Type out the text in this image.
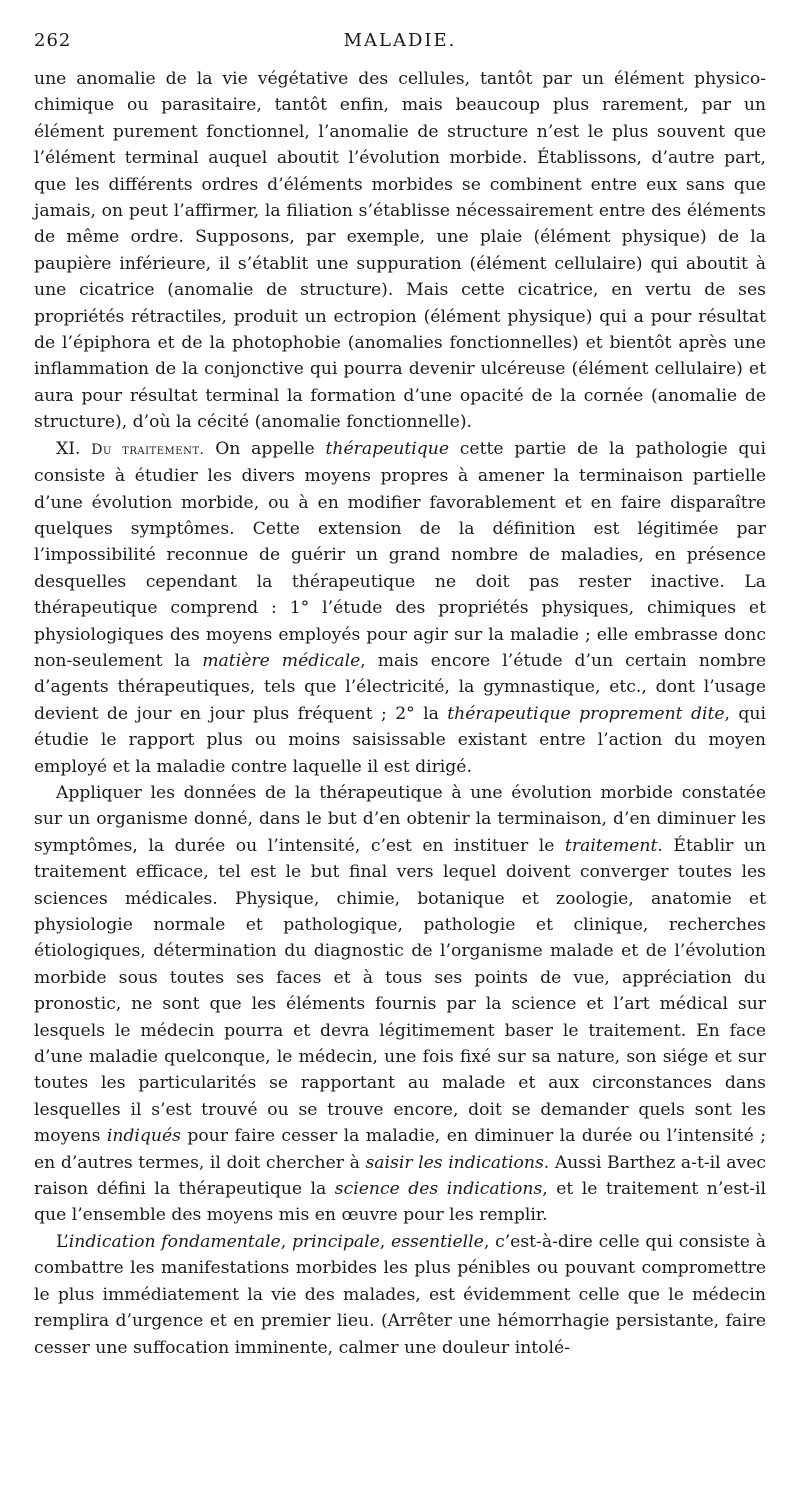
262	MALADIE.

une anomalie de la vie végétative des cellules, tantôt par un élément physico-chimique ou parasitaire, tantôt enfin, mais beaucoup plus rarement, par un élément purement fonctionnel, l’anomalie de structure n’est le plus souvent que l’élément terminal auquel aboutit l’évolution morbide. Établissons, d’autre part, que les différents ordres d’éléments morbides se combinent entre eux sans que jamais, on peut l’affirmer, la filiation s’établisse nécessairement entre des éléments de même ordre. Supposons, par exemple, une plaie (élément physique) de la paupière inférieure, il s’établit une suppuration (élément cellulaire) qui aboutit à une cicatrice (anomalie de structure). Mais cette cicatrice, en vertu de ses propriétés rétractiles, produit un ectropion (élément physique) qui a pour résultat de l’épiphora et de la photophobie (anomalies fonctionnelles) et bientôt après une inflammation de la conjonctive qui pourra devenir ulcéreuse (élément cellulaire) et aura pour résultat terminal la formation d’une opacité de la cornée (anomalie de structure), d’où la cécité (anomalie fonctionnelle).

XI. Du traitement. On appelle thérapeutique cette partie de la pathologie qui consiste à étudier les divers moyens propres à amener la terminaison partielle d’une évolution morbide, ou à en modifier favorablement et en faire disparaître quelques symptômes. Cette extension de la définition est légitimée par l’impossibilité reconnue de guérir un grand nombre de maladies, en présence desquelles cependant la thérapeutique ne doit pas rester inactive. La thérapeutique comprend : 1° l’étude des propriétés physiques, chimiques et physiologiques des moyens employés pour agir sur la maladie ; elle embrasse donc non-seulement la matière médicale, mais encore l’étude d’un certain nombre d’agents thérapeutiques, tels que l’électricité, la gymnastique, etc., dont l’usage devient de jour en jour plus fréquent ; 2° la thérapeutique proprement dite, qui étudie le rapport plus ou moins saisissable existant entre l’action du moyen employé et la maladie contre laquelle il est dirigé.

Appliquer les données de la thérapeutique à une évolution morbide constatée sur un organisme donné, dans le but d’en obtenir la terminaison, d’en diminuer les symptômes, la durée ou l’intensité, c’est en instituer le traitement. Établir un traitement efficace, tel est le but final vers lequel doivent converger toutes les sciences médicales. Physique, chimie, botanique et zoologie, anatomie et physiologie normale et pathologique, pathologie et clinique, recherches étiologiques, détermination du diagnostic de l’organisme malade et de l’évolution morbide sous toutes ses faces et à tous ses points de vue, appréciation du pronostic, ne sont que les éléments fournis par la science et l’art médical sur lesquels le médecin pourra et devra légitimement baser le traitement. En face d’une maladie quelconque, le médecin, une fois fixé sur sa nature, son siége et sur toutes les particularités se rapportant au malade et aux circonstances dans lesquelles il s’est trouvé ou se trouve encore, doit se demander quels sont les moyens indiqués pour faire cesser la maladie, en diminuer la durée ou l’intensité ; en d’autres termes, il doit chercher à saisir les indications. Aussi Barthez a-t-il avec raison défini la thérapeutique la science des indications, et le traitement n’est-il que l’ensemble des moyens mis en œuvre pour les remplir.

L’indication fondamentale, principale, essentielle, c’est-à-dire celle qui consiste à combattre les manifestations morbides les plus pénibles ou pouvant compromettre le plus immédiatement la vie des malades, est évidemment celle que le médecin remplira d’urgence et en premier lieu. (Arrêter une hémorrhagie persistante, faire cesser une suffocation imminente, calmer une douleur intolé-
